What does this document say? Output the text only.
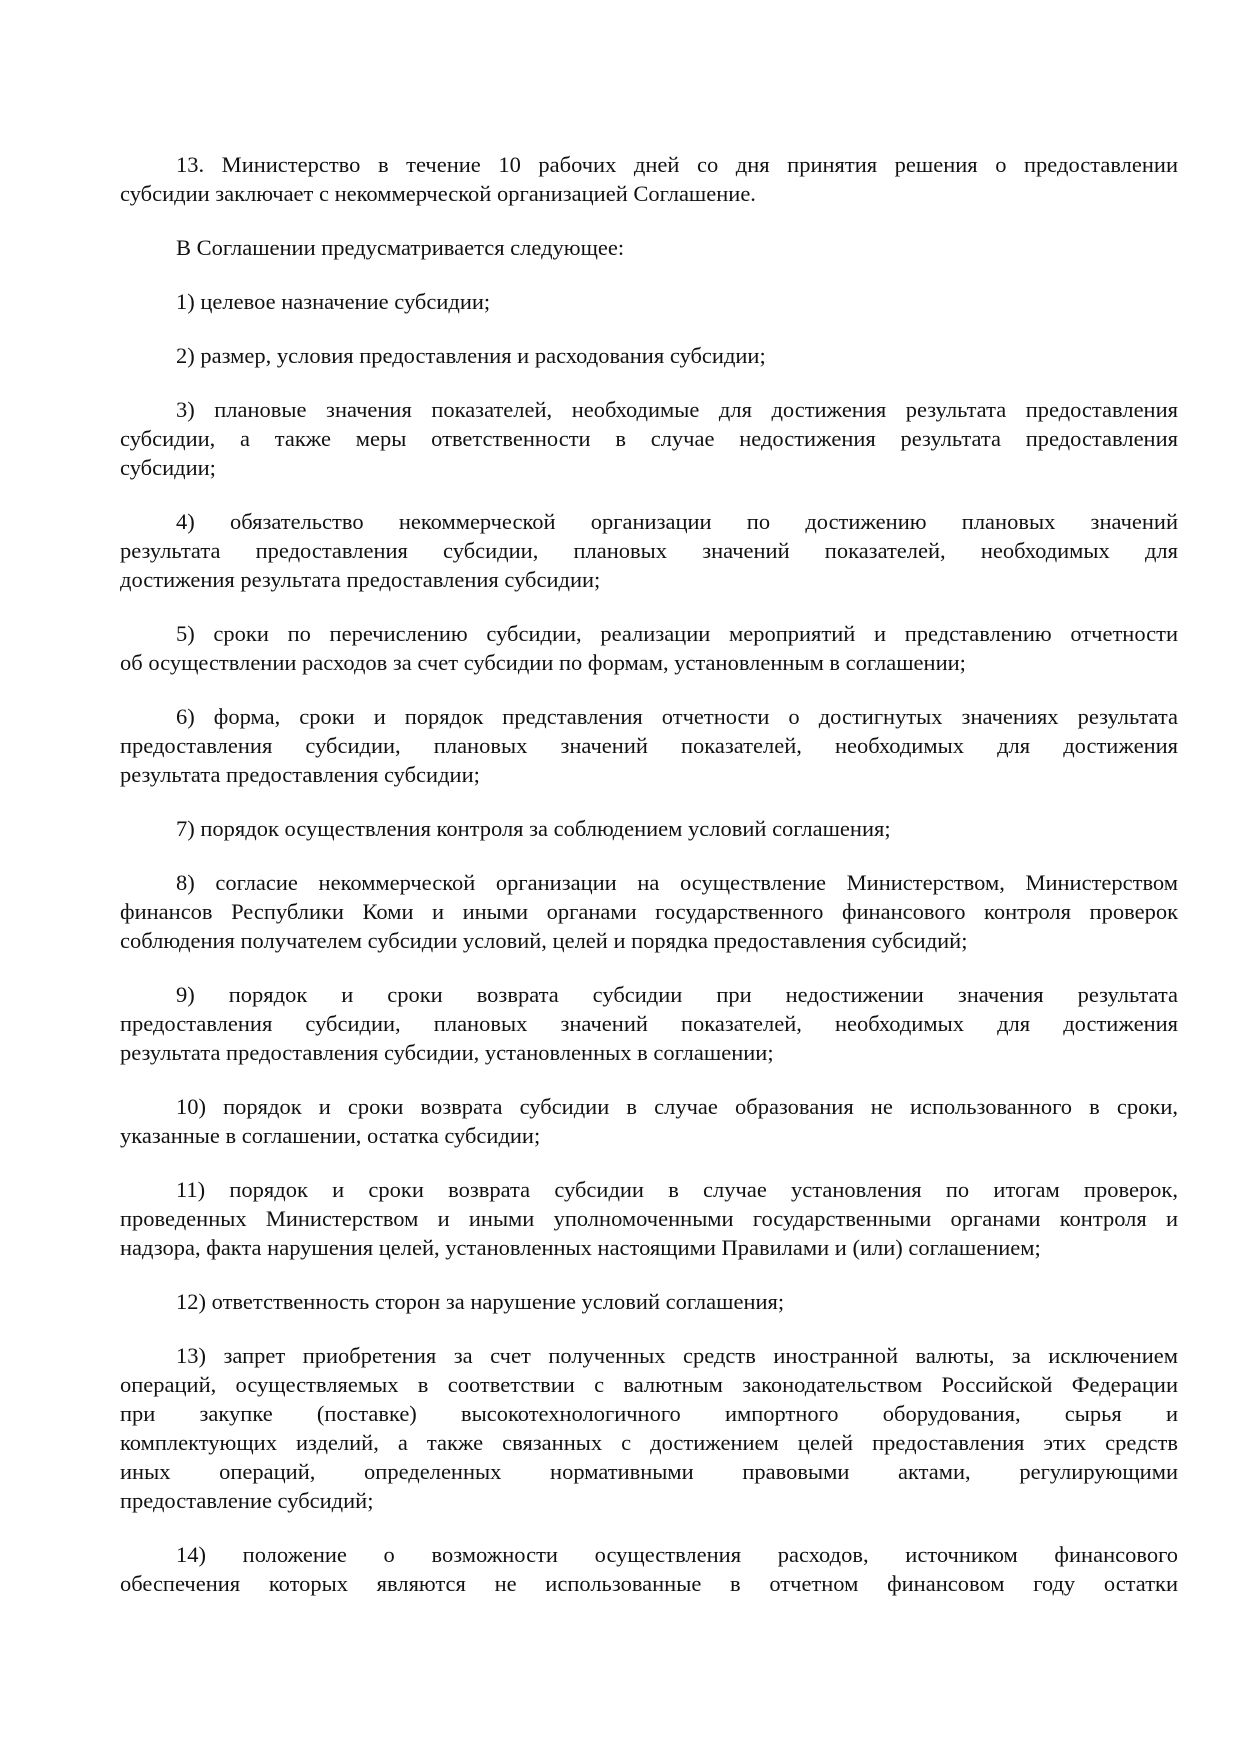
13. Министерство в течение 10 рабочих дней со дня принятия решения о предоставлении
субсидии заключает с некоммерческой организацией Соглашение.
В Соглашении предусматривается следующее:
1) целевое назначение субсидии;
2) размер, условия предоставления и расходования субсидии;
3) плановые значения показателей, необходимые для достижения результата предоставления
субсидии, а также меры ответственности в случае недостижения результата предоставления
субсидии;
4) обязательство некоммерческой организации по достижению плановых значений
результата предоставления субсидии, плановых значений показателей, необходимых для
достижения результата предоставления субсидии;
5) сроки по перечислению субсидии, реализации мероприятий и представлению отчетности
об осуществлении расходов за счет субсидии по формам, установленным в соглашении;
6) форма, сроки и порядок представления отчетности о достигнутых значениях результата
предоставления субсидии, плановых значений показателей, необходимых для достижения
результата предоставления субсидии;
7) порядок осуществления контроля за соблюдением условий соглашения;
8) согласие некоммерческой организации на осуществление Министерством, Министерством
финансов Республики Коми и иными органами государственного финансового контроля проверок
соблюдения получателем субсидии условий, целей и порядка предоставления субсидий;
9) порядок и сроки возврата субсидии при недостижении значения результата
предоставления субсидии, плановых значений показателей, необходимых для достижения
результата предоставления субсидии, установленных в соглашении;
10) порядок и сроки возврата субсидии в случае образования не использованного в сроки,
указанные в соглашении, остатка субсидии;
11) порядок и сроки возврата субсидии в случае установления по итогам проверок,
проведенных Министерством и иными уполномоченными государственными органами контроля и
надзора, факта нарушения целей, установленных настоящими Правилами и (или) соглашением;
12) ответственность сторон за нарушение условий соглашения;
13) запрет приобретения за счет полученных средств иностранной валюты, за исключением
операций, осуществляемых в соответствии с валютным законодательством Российской Федерации
при закупке (поставке) высокотехнологичного импортного оборудования, сырья и
комплектующих изделий, а также связанных с достижением целей предоставления этих средств
иных операций, определенных нормативными правовыми актами, регулирующими
предоставление субсидий;
14) положение о возможности осуществления расходов, источником финансового
обеспечения которых являются не использованные в отчетном финансовом году остатки
